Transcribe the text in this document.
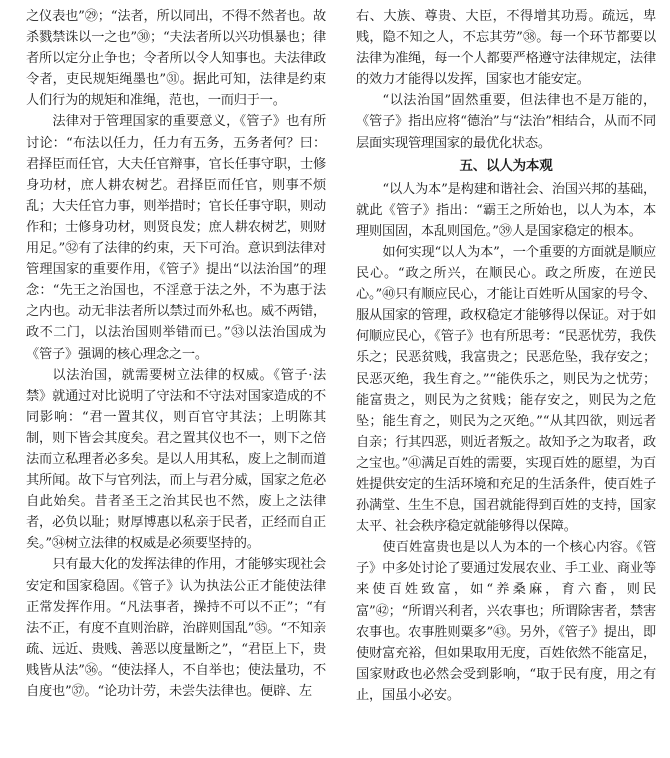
之仪表也”㉙；“法者，所以同出，不得不然者也。故杀戮禁诛以一之也”㉚；“夫法者所以兴功惧暴也；律者所以定分止争也；令者所以令人知事也。夫法律政令者，吏民规矩绳墨也”㉛。据此可知，法律是约束人们行为的规矩和准绳，范也，一而归于一。

法律对于管理国家的重要意义，《管子》也有所讨论：“布法以任力，任力有五务，五务者何？曰：君择臣而任官，大夫任官辩事，官长任事守职，士修身功材，庶人耕农树艺。君择臣而任官，则事不烦乱；大夫任官力事，则举措时；官长任事守职，则动作和；士修身功材，则贤良发；庶人耕农树艺，则财用足。”㉜有了法律的约束，天下可治。意识到法律对管理国家的重要作用，《管子》提出“以法治国”的理念：“先王之治国也，不淫意于法之外，不为惠于法之内也。动无非法者所以禁过而外私也。威不两错，政不二门，以法治国则举错而已。”㉝以法治国成为《管子》强调的核心理念之一。

以法治国，就需要树立法律的权威。《管子·法禁》就通过对比说明了守法和不守法对国家造成的不同影响：“君一置其仪，则百官守其法；上明陈其制，则下皆会其度矣。君之置其仪也不一，则下之倍法而立私理者必多矣。是以人用其私，废上之制而道其所闻。故下与官列法，而上与君分威，国家之危必自此始矣。昔者圣王之治其民也不然，废上之法律者，必负以耻；财厚博惠以私亲于民者，正经而自正矣。”㉞树立法律的权威是必须要坚持的。

只有最大化的发挥法律的作用，才能够实现社会安定和国家稳固。《管子》认为执法公正才能使法律正常发挥作用。“凡法事者，操持不可以不正”；“有法不正，有度不直则治辟，治辟则国乱”㉟。“不知亲疏、远近、贵贱、善恶以度量断之”，“君臣上下，贵贱皆从法”㊱。“使法择人，不自举也；使法量功，不自度也”㊲。“论功计劳，未尝失法律也。便辟、左

右、大族、尊贵、大臣，不得增其功焉。疏远，卑贱，隐不知之人，不忘其劳”㊳。每一个环节都要以法律为准绳，每一个人都要严格遵守法律规定，法律的效力才能得以发挥，国家也才能安定。

“以法治国”固然重要，但法律也不是万能的，《管子》指出应将“德治”与“法治”相结合，从而不同层面实现管理国家的最优化状态。

五、以人为本观

“以人为本”是构建和谐社会、治国兴邦的基础，就此《管子》指出：“霸王之所始也，以人为本，本理则国固，本乱则国危。”㊴人是国家稳定的根本。

如何实现“以人为本”，一个重要的方面就是顺应民心。“政之所兴，在顺民心。政之所废，在逆民心。”㊵只有顺应民心，才能让百姓听从国家的号令、服从国家的管理，政权稳定才能够得以保证。对于如何顺应民心，《管子》也有所思考：“民恶忧劳，我佚乐之；民恶贫贱，我富贵之；民恶危坠，我存安之；民恶灭绝，我生育之。”“能佚乐之，则民为之忧劳；能富贵之，则民为之贫贱；能存安之，则民为之危坠；能生育之，则民为之灭绝。”“从其四欲，则远者自亲；行其四恶，则近者叛之。故知予之为取者，政之宝也。”㊶满足百姓的需要，实现百姓的愿望，为百姓提供安定的生活环境和充足的生活条件，使百姓子孙满堂、生生不息，国君就能得到百姓的支持，国家太平、社会秩序稳定就能够得以保障。

使百姓富贵也是以人为本的一个核心内容。《管子》中多处讨论了要通过发展农业、手工业、商业等来使百姓致富，如“养桑麻，育六畜，则民富”㊷；“所谓兴利者，兴农事也；所谓除害者，禁害农事也。农事胜则粟多”㊸。另外，《管子》提出，即使财富充裕，但如果取用无度，百姓依然不能富足，国家财政也必然会受到影响，“取于民有度，用之有止，国虽小必安。
